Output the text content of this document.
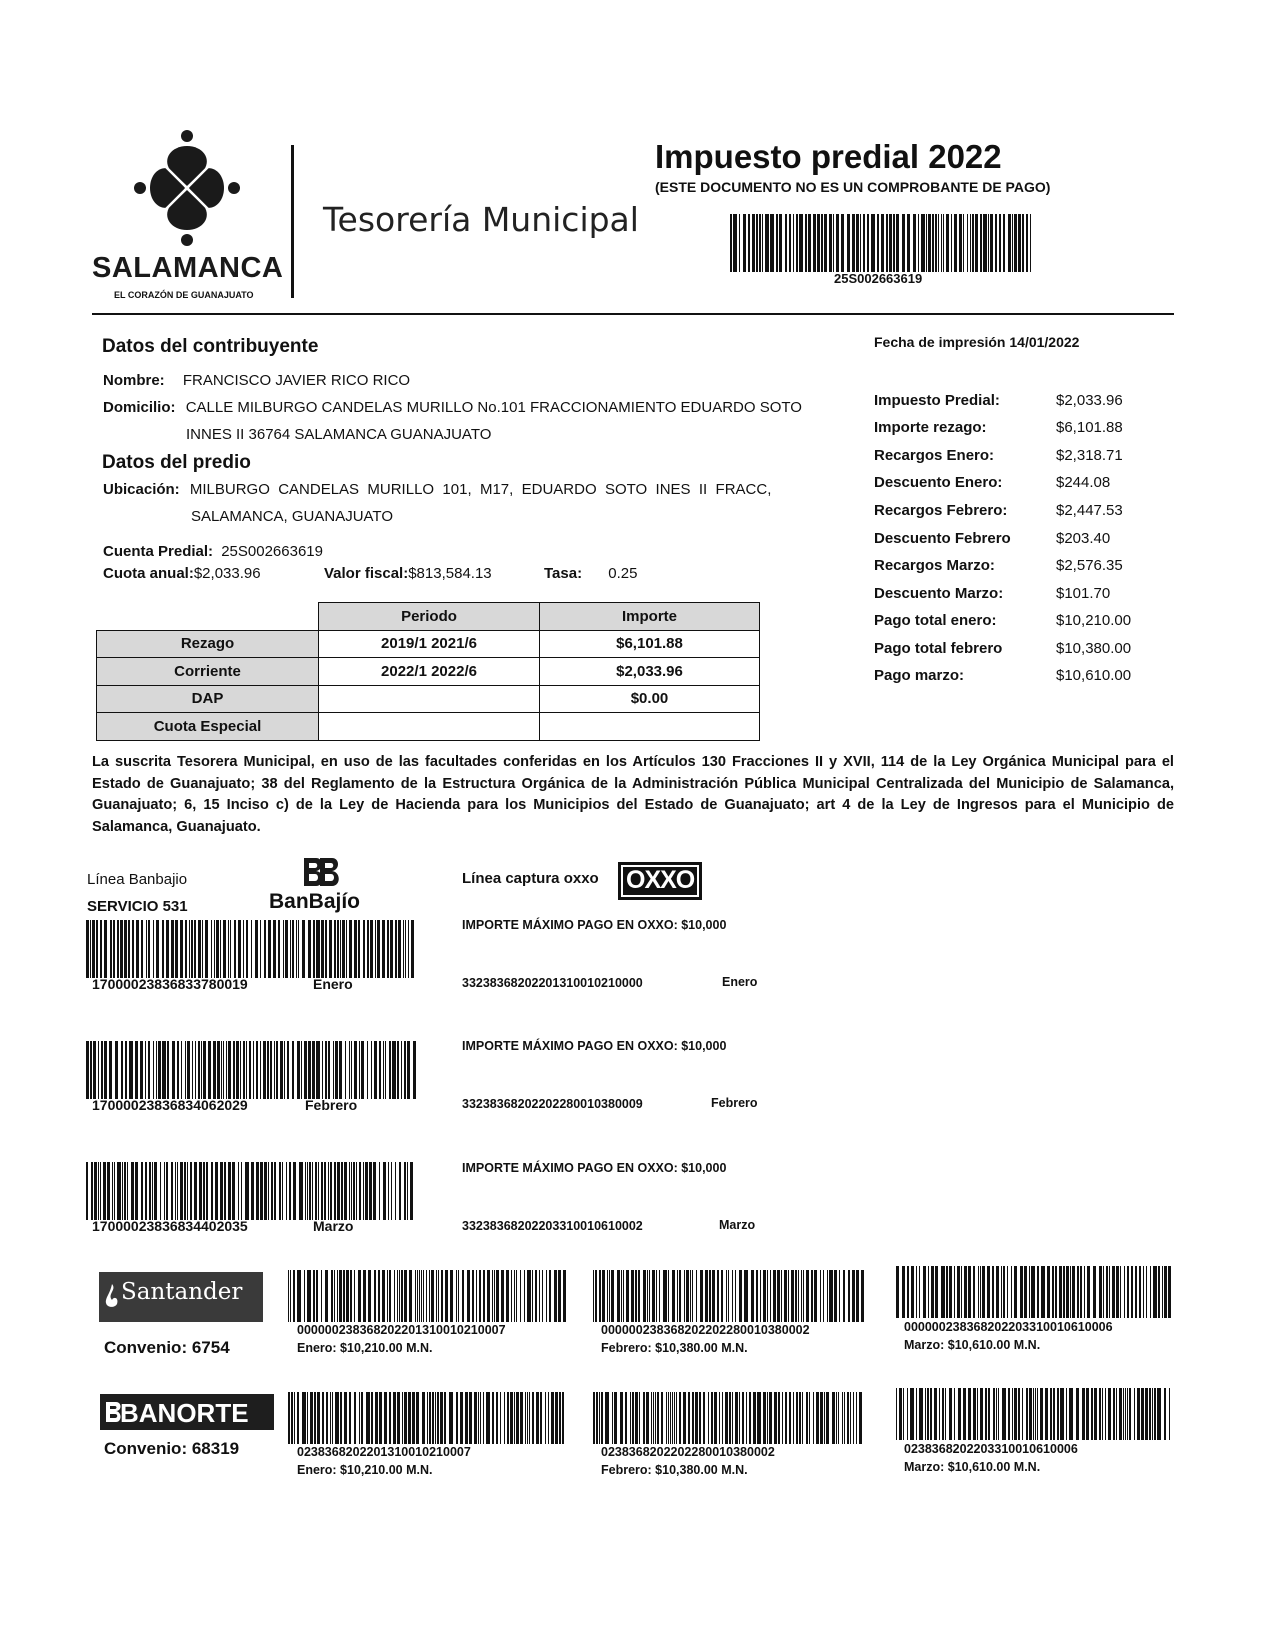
SALAMANCA
EL CORAZÓN DE GUANAJUATO
Tesorería Municipal
Impuesto predial 2022
(ESTE DOCUMENTO NO ES UN COMPROBANTE DE PAGO)
25S002663619
Datos del contribuyente
Nombre: FRANCISCO JAVIER RICO RICO
Domicilio: CALLE MILBURGO CANDELAS MURILLO No.101 FRACCIONAMIENTO EDUARDO SOTO
INNES II 36764 SALAMANCA GUANAJUATO
Datos del predio
Ubicación: MILBURGO  CANDELAS  MURILLO  101,  M17,  EDUARDO  SOTO  INES  II  FRACC,
SALAMANCA, GUANAJUATO
Cuenta Predial: 25S002663619
Cuota anual:$2,033.96	Valor fiscal:$813,584.13	Tasa: 0.25
	Periodo	Importe
Rezago	2019/1 2021/6	$6,101.88
Corriente	2022/1 2022/6	$2,033.96
DAP		$0.00
Cuota Especial		
Fecha de impresión 14/01/2022
Impuesto Predial:	$2,033.96
Importe rezago:	$6,101.88
Recargos Enero:	$2,318.71
Descuento Enero:	$244.08
Recargos Febrero:	$2,447.53
Descuento Febrero	$203.40
Recargos Marzo:	$2,576.35
Descuento Marzo:	$101.70
Pago total enero:	$10,210.00
Pago total febrero	$10,380.00
Pago marzo:	$10,610.00
La suscrita Tesorera Municipal, en uso de las facultades conferidas en los Artículos 130 Fracciones II y XVII, 114 de la Ley Orgánica Municipal para el Estado de Guanajuato; 38 del Reglamento de la Estructura Orgánica de la Administración Pública Municipal Centralizada del Municipio de Salamanca, Guanajuato; 6, 15 Inciso c) de la Ley de Hacienda para los Municipios del Estado de Guanajuato; art 4 de la Ley de Ingresos para el Municipio de Salamanca, Guanajuato.
Línea Banbajio
SERVICIO 531	BanBajío
17000023836833780019	Enero
17000023836834062029	Febrero
17000023836834402035	Marzo
Línea captura oxxo OXXO
IMPORTE MÁXIMO PAGO EN OXXO: $10,000
33238368202201310010210000	Enero
IMPORTE MÁXIMO PAGO EN OXXO: $10,000
33238368202202280010380009	Febrero
IMPORTE MÁXIMO PAGO EN OXXO: $10,000
33238368202203310010610002	Marzo
Santander
Convenio: 6754
000000238368202201310010210007
Enero: $10,210.00 M.N.
000000238368202202280010380002
Febrero: $10,380.00 M.N.
000000238368202203310010610006
Marzo: $10,610.00 M.N.
BANORTE
Convenio: 68319	0238368202201310010210007
Enero: $10,210.00 M.N.
0238368202202280010380002
Febrero: $10,380.00 M.N.
0238368202203310010610006
Marzo: $10,610.00 M.N.
